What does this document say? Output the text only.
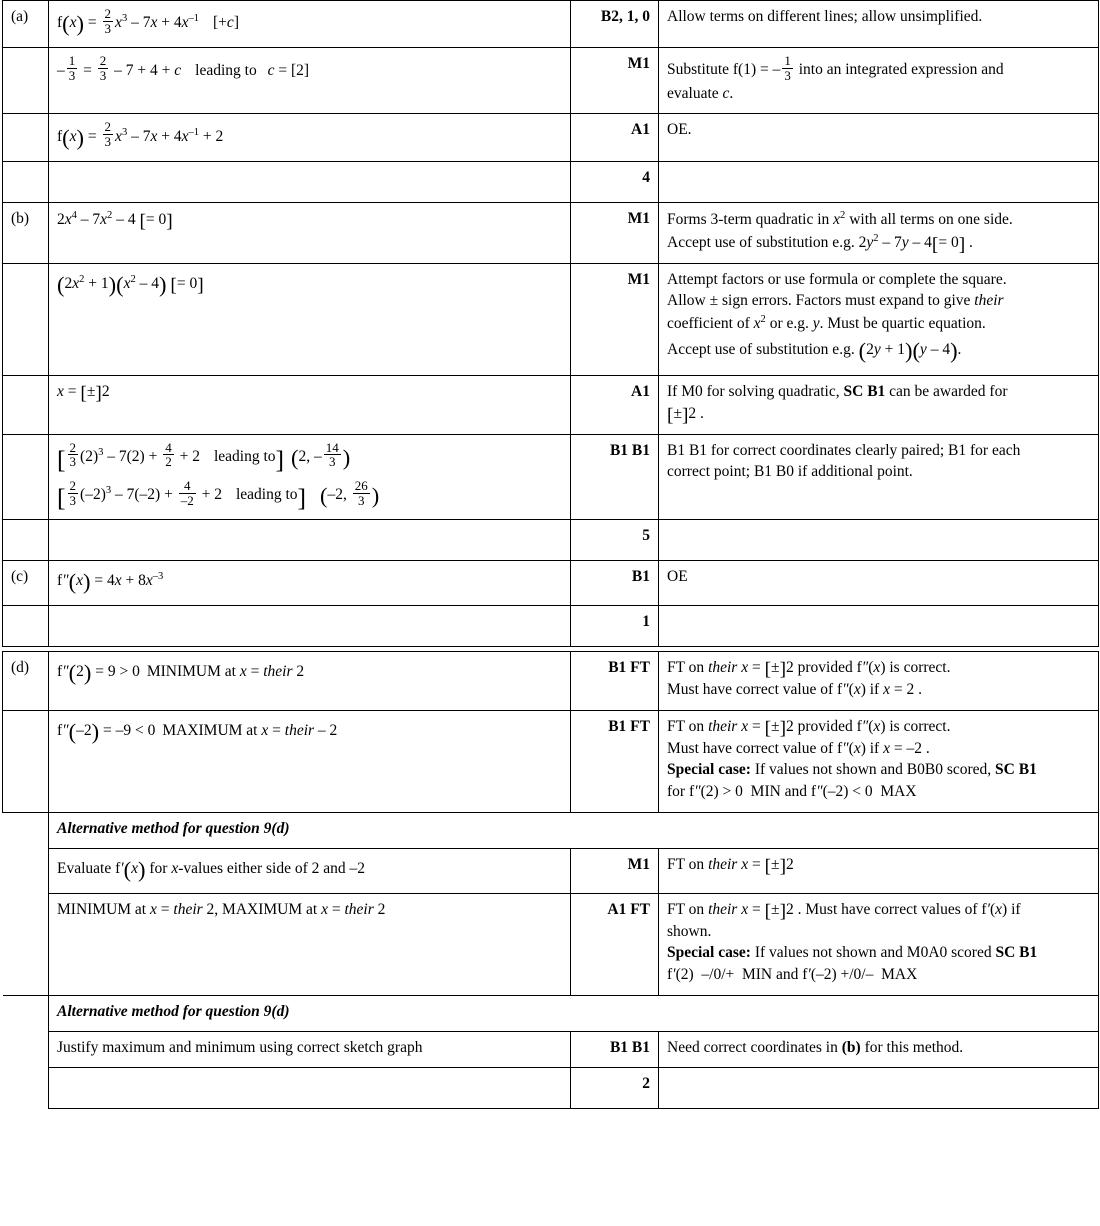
(a)	$f(x) = \frac{2}{3} x^3 - 7x + 4x^{-1}$ [+c]	B2, 1, 0	Allow terms on different lines; allow unsimplified.

	– $\frac{1}{3} = \frac{2}{3} - 7 + 4 + c$ leading to c = [2]	M1	Substitute f(1) = – $\frac{1}{3}$ into an integrated expression and

evaluate c.

	$f(x) = \frac{2}{3} x^3 - 7x + 4x^{-1} + 2$	A1	OE.

		4	
(b)	$2x^4 - 7x^2 - 4$ [= 0]	M1	Forms 3-term quadratic in $x^2$ with all terms on one side.

Accept use of substitution e.g. $2y^2 - 7y - 4[= 0]$ .

	$(2x^2 + 1)(x^2 - 4)$ [= 0]	M1	Attempt factors or use formula or complete the square.

Allow ± sign errors. Factors must expand to give their

coefficient of $x^2$ or e.g. y. Must be quartic equation.

Accept use of substitution e.g. (2y + 1)(y – 4).

	x = [±]2	A1	If M0 for solving quadratic, SC B1 can be awarded for

[±]2 .

[ $\frac{2}{3} (2)^3 - 7(2) + \frac{4}{2} + 2$ leading to] (2, – $\frac{14}{3}$ )
[ $\frac{2}{3} (-2)^3 - 7(-2) + \frac{4}{-2} + 2$ leading to] (–2, $\frac{26}{3}$ )
	B1 B1	B1 B1 for correct coordinates clearly paired; B1 for each

correct point; B1 B0 if additional point.

		5	
(c)	$f''(x) = 4x + 8x^{-3}$	B1	OE

		1	

(d)	f″(2) = 9 > 0 MINIMUM at x = their 2	B1 FT	FT on their x = [±]2 provided f″(x) is correct.

Must have correct value of f″(x) if x = 2 .

	f″(–2) = –9 < 0 MAXIMUM at x = their – 2	B1 FT	FT on their x = [±]2 provided f″(x) is correct.

Must have correct value of f″(x) if x = –2 .

Special case: If values not shown and B0B0 scored, SC B1

for f″(2) > 0  MIN and f″(–2) < 0  MAX

	Alternative method for question 9(d)		
	Evaluate f′(x) for x-values either side of 2 and –2	M1	FT on their x = [±]2

	MINIMUM at x = their 2, MAXIMUM at x = their 2	A1 FT	FT on their x = [±]2 . Must have correct values of f′(x) if

shown.

Special case: If values not shown and M0A0 scored SC B1

f′(2)  –/0/+  MIN and f′(–2) +/0/–  MAX

	Alternative method for question 9(d)		
	Justify maximum and minimum using correct sketch graph	B1 B1	Need correct coordinates in (b) for this method.

		2	
